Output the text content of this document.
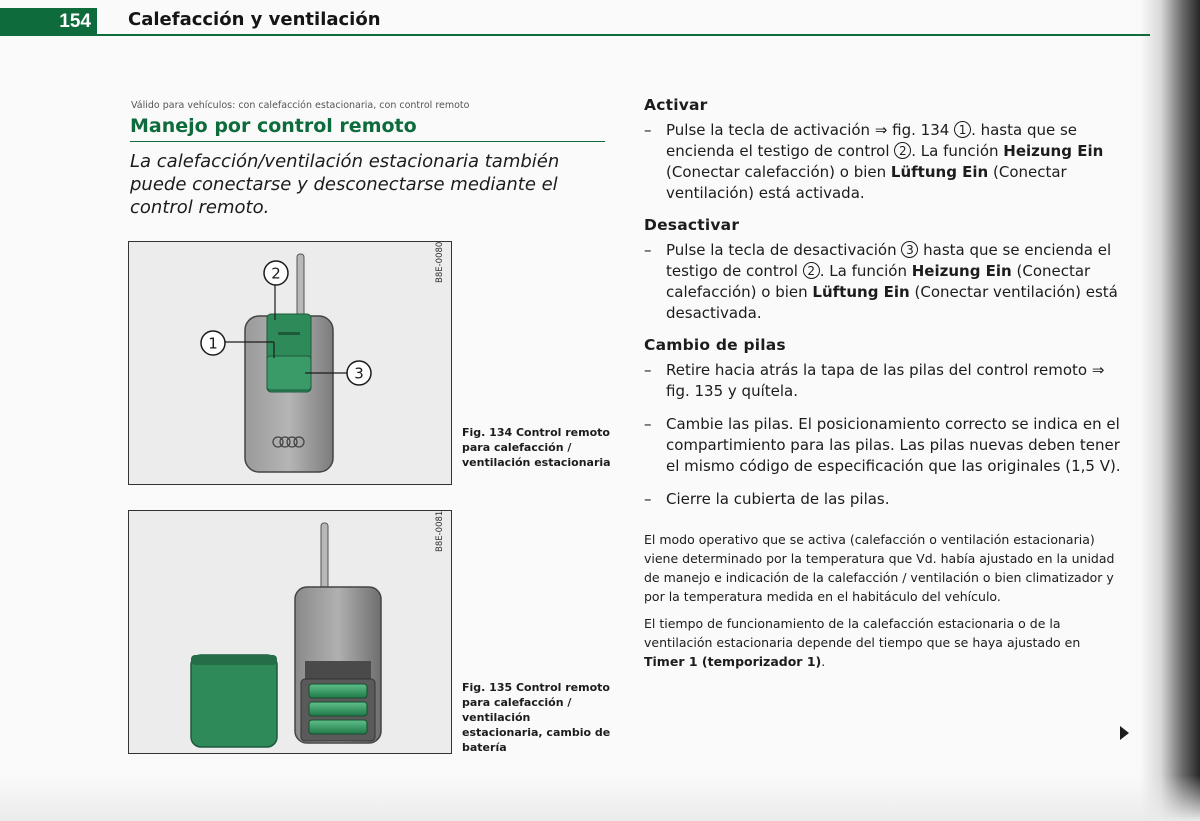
154	Calefacción y ventilación
Válido para vehículos: con calefacción estacionaria, con control remoto
Manejo por control remoto
La calefacción/ventilación estacionaria también puede conectarse y desconectarse mediante el control remoto.
2
1
3
B8E-0080
Fig. 134 Control remoto para calefacción / ventilación estacionaria
B8E-0081
Fig. 135 Control remoto para calefacción / ventilación estacionaria, cambio de batería
Activar
– Pulse la tecla de activación ⇒ fig. 134 1 . hasta que se encienda el testigo de control 2 . La función Heizung Ein (Conectar calefacción) o bien Lüftung Ein (Conectar ventilación) está activada.
Desactivar
– Pulse la tecla de desactivación 3 hasta que se encienda el testigo de control 2 . La función Heizung Ein (Conectar calefacción) o bien Lüftung Ein (Conectar ventilación) está desactivada.
Cambio de pilas
– Retire hacia atrás la tapa de las pilas del control remoto ⇒ fig. 135 y quítela.
– Cambie las pilas. El posicionamiento correcto se indica en el compartimiento para las pilas. Las pilas nuevas deben tener el mismo código de especificación que las originales (1,5 V).
– Cierre la cubierta de las pilas.
El modo operativo que se activa (calefacción o ventilación estacionaria) viene determinado por la temperatura que Vd. había ajustado en la unidad de manejo e indicación de la calefacción / ventilación o bien climatizador y por la temperatura medida en el habitáculo del vehículo.
El tiempo de funcionamiento de la calefacción estacionaria o de la ventilación estacionaria depende del tiempo que se haya ajustado en Timer 1 (temporizador 1).
